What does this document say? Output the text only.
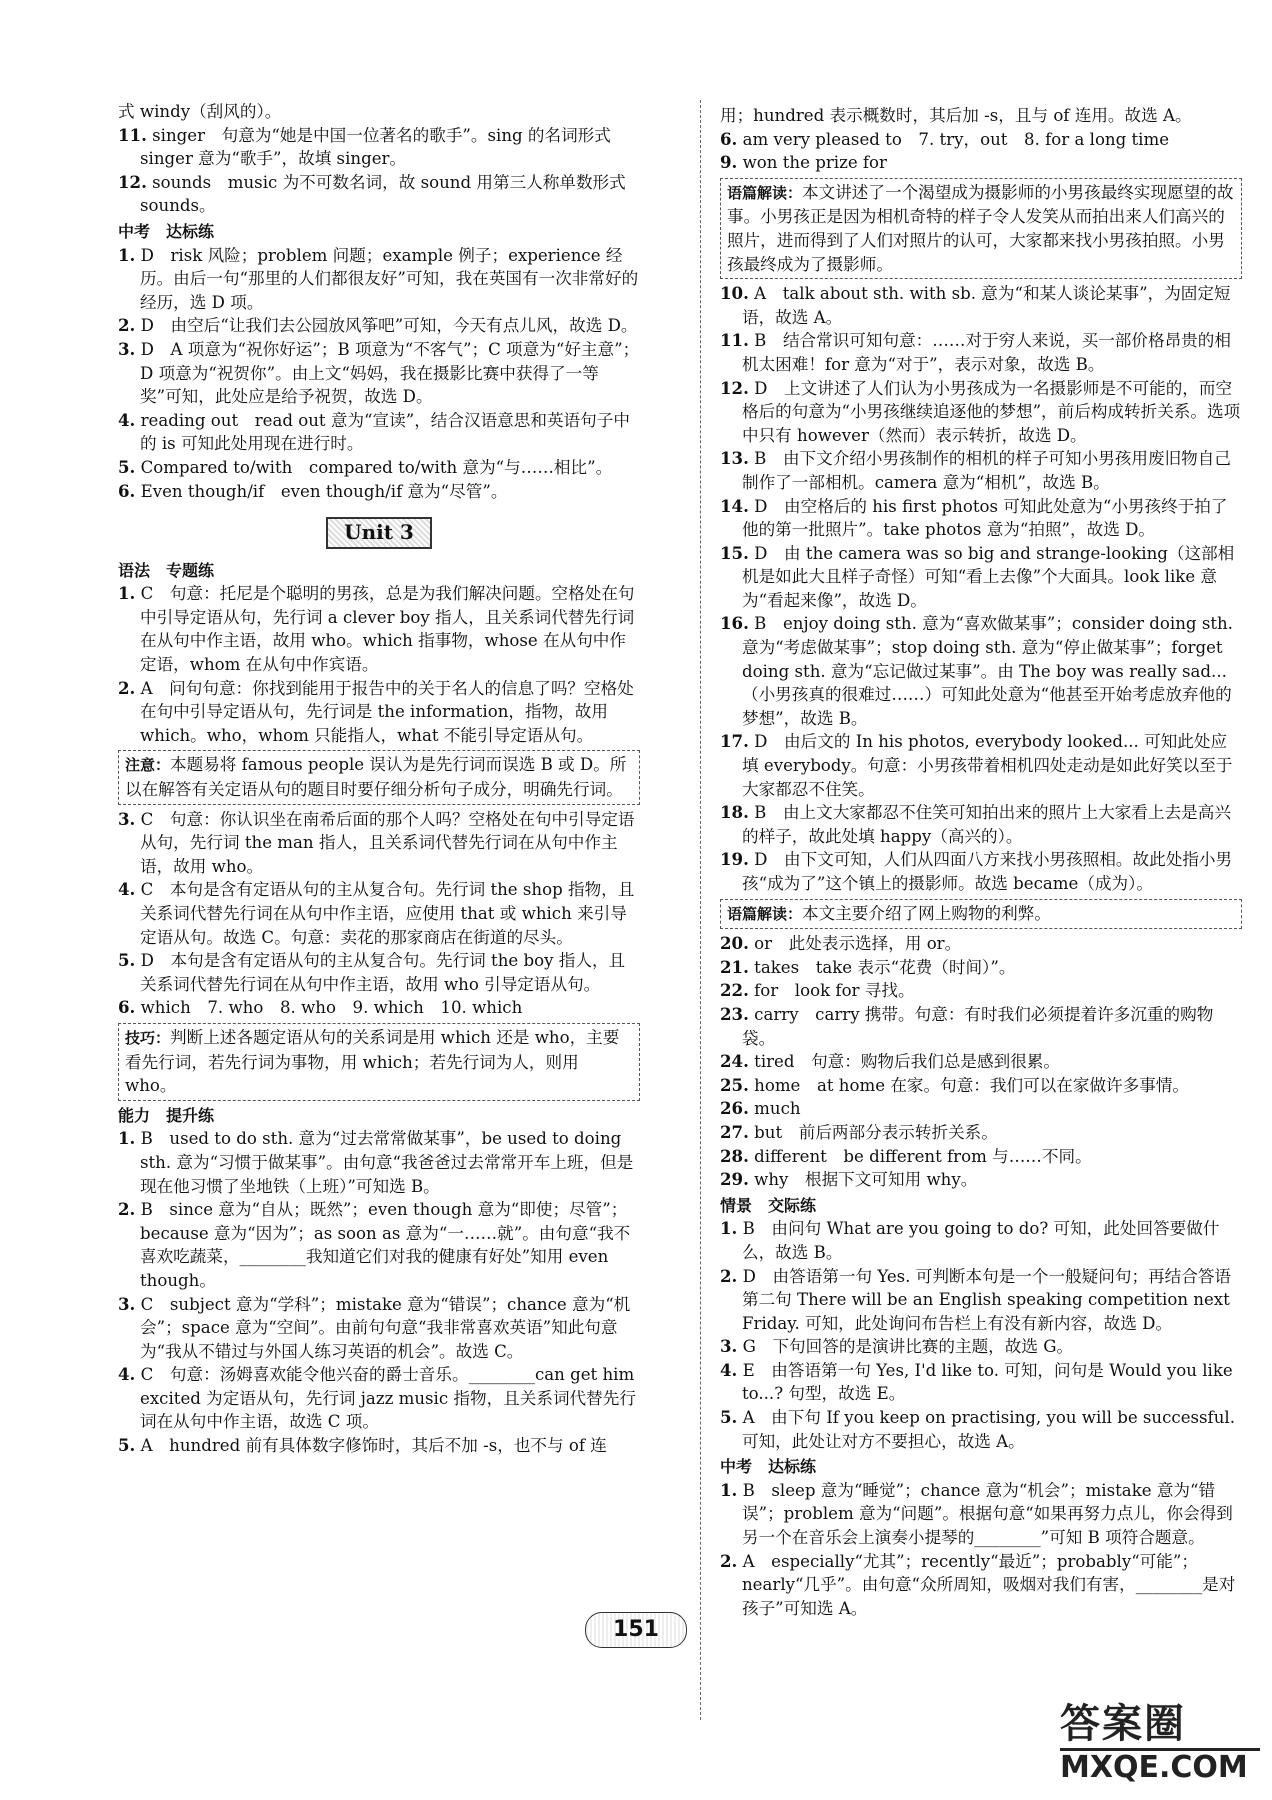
式 windy（刮风的）。

11. singer　句意为“她是中国一位著名的歌手”。sing 的名词形式 singer 意为“歌手”，故填 singer。

12. sounds　music 为不可数名词，故 sound 用第三人称单数形式 sounds。

中考　达标练

1. D　risk 风险；problem 问题；example 例子；experience 经历。由后一句“那里的人们都很友好”可知，我在英国有一次非常好的经历，选 D 项。

2. D　由空后“让我们去公园放风筝吧”可知，今天有点儿风，故选 D。

3. D　A 项意为“祝你好运”；B 项意为“不客气”；C 项意为“好主意”；D 项意为“祝贺你”。由上文“妈妈，我在摄影比赛中获得了一等奖”可知，此处应是给予祝贺，故选 D。

4. reading out　read out 意为“宣读”，结合汉语意思和英语句子中的 is 可知此处用现在进行时。

5. Compared to/with　compared to/with 意为“与……相比”。

6. Even though/if　even though/if 意为“尽管”。

Unit 3
语法　专题练

1. C　句意：托尼是个聪明的男孩，总是为我们解决问题。空格处在句中引导定语从句，先行词 a clever boy 指人，且关系词代替先行词在从句中作主语，故用 who。which 指事物，whose 在从句中作定语，whom 在从句中作宾语。

2. A　问句句意：你找到能用于报告中的关于名人的信息了吗？空格处在句中引导定语从句，先行词是 the information，指物，故用 which。who，whom 只能指人，what 不能引导定语从句。

注意：本题易将 famous people 误认为是先行词而误选 B 或 D。所以在解答有关定语从句的题目时要仔细分析句子成分，明确先行词。

3. C　句意：你认识坐在南希后面的那个人吗？空格处在句中引导定语从句，先行词 the man 指人，且关系词代替先行词在从句中作主语，故用 who。

4. C　本句是含有定语从句的主从复合句。先行词 the shop 指物，且关系词代替先行词在从句中作主语，应使用 that 或 which 来引导定语从句。故选 C。句意：卖花的那家商店在街道的尽头。

5. D　本句是含有定语从句的主从复合句。先行词 the boy 指人，且关系词代替先行词在从句中作主语，故用 who 引导定语从句。

6. which　7. who　8. who　9. which　10. which

技巧：判断上述各题定语从句的关系词是用 which 还是 who，主要看先行词，若先行词为事物，用 which；若先行词为人，则用 who。
能力　提升练

1. B　used to do sth. 意为“过去常常做某事”，be used to doing sth. 意为“习惯于做某事”。由句意“我爸爸过去常常开车上班，但是现在他习惯了坐地铁（上班）”可知选 B。

2. B　since 意为“自从；既然”；even though 意为“即使；尽管”；because 意为“因为”；as soon as 意为“一……就”。由句意“我不喜欢吃蔬菜，________我知道它们对我的健康有好处”知用 even though。

3. C　subject 意为“学科”；mistake 意为“错误”；chance 意为“机会”；space 意为“空间”。由前句句意“我非常喜欢英语”知此句意为“我从不错过与外国人练习英语的机会”。故选 C。

4. C　句意：汤姆喜欢能令他兴奋的爵士音乐。________can get him excited 为定语从句，先行词 jazz music 指物，且关系词代替先行词在从句中作主语，故选 C 项。

5. A　hundred 前有具体数字修饰时，其后不加 -s，也不与 of 连

用；hundred 表示概数时，其后加 -s，且与 of 连用。故选 A。

6. am very pleased to　7. try，out　8. for a long time

9. won the prize for

语篇解读：本文讲述了一个渴望成为摄影师的小男孩最终实现愿望的故事。小男孩正是因为相机奇特的样子令人发笑从而拍出来人们高兴的照片，进而得到了人们对照片的认可，大家都来找小男孩拍照。小男孩最终成为了摄影师。

10. A　talk about sth. with sb. 意为“和某人谈论某事”，为固定短语，故选 A。

11. B　结合常识可知句意：……对于穷人来说，买一部价格昂贵的相机太困难！for 意为“对于”，表示对象，故选 B。

12. D　上文讲述了人们认为小男孩成为一名摄影师是不可能的，而空格后的句意为“小男孩继续追逐他的梦想”，前后构成转折关系。选项中只有 however（然而）表示转折，故选 D。

13. B　由下文介绍小男孩制作的相机的样子可知小男孩用废旧物自己制作了一部相机。camera 意为“相机”，故选 B。

14. D　由空格后的 his first photos 可知此处意为“小男孩终于拍了他的第一批照片”。take photos 意为“拍照”，故选 D。

15. D　由 the camera was so big and strange-looking（这部相机是如此大且样子奇怪）可知“看上去像”个大面具。look like 意为“看起来像”，故选 D。

16. B　enjoy doing sth. 意为“喜欢做某事”；consider doing sth. 意为“考虑做某事”；stop doing sth. 意为“停止做某事”；forget doing sth. 意为“忘记做过某事”。由 The boy was really sad...（小男孩真的很难过……）可知此处意为“他甚至开始考虑放弃他的梦想”，故选 B。

17. D　由后文的 In his photos, everybody looked... 可知此处应填 everybody。句意：小男孩带着相机四处走动是如此好笑以至于大家都忍不住笑。

18. B　由上文大家都忍不住笑可知拍出来的照片上大家看上去是高兴的样子，故此处填 happy（高兴的）。

19. D　由下文可知，人们从四面八方来找小男孩照相。故此处指小男孩“成为了”这个镇上的摄影师。故选 became（成为）。

语篇解读：本文主要介绍了网上购物的利弊。

20. or　此处表示选择，用 or。

21. takes　take 表示“花费（时间）”。

22. for　look for 寻找。

23. carry　carry 携带。句意：有时我们必须提着许多沉重的购物袋。

24. tired　句意：购物后我们总是感到很累。

25. home　at home 在家。句意：我们可以在家做许多事情。

26. much

27. but　前后两部分表示转折关系。

28. different　be different from 与……不同。

29. why　根据下文可知用 why。

情景　交际练

1. B　由问句 What are you going to do? 可知，此处回答要做什么，故选 B。

2. D　由答语第一句 Yes. 可判断本句是一个一般疑问句；再结合答语第二句 There will be an English speaking competition next Friday. 可知，此处询问布告栏上有没有新内容，故选 D。

3. G　下句回答的是演讲比赛的主题，故选 G。

4. E　由答语第一句 Yes, I'd like to. 可知，问句是 Would you like to...? 句型，故选 E。

5. A　由下句 If you keep on practising, you will be successful. 可知，此处让对方不要担心，故选 A。

中考　达标练

1. B　sleep 意为“睡觉”；chance 意为“机会”；mistake 意为“错误”；problem 意为“问题”。根据句意“如果再努力点儿，你会得到另一个在音乐会上演奏小提琴的________”可知 B 项符合题意。

2. A　especially“尤其”；recently“最近”；probably“可能”；nearly“几乎”。由句意“众所周知，吸烟对我们有害，________是对孩子”可知选 A。

151
答案圈
MXQE.COM
